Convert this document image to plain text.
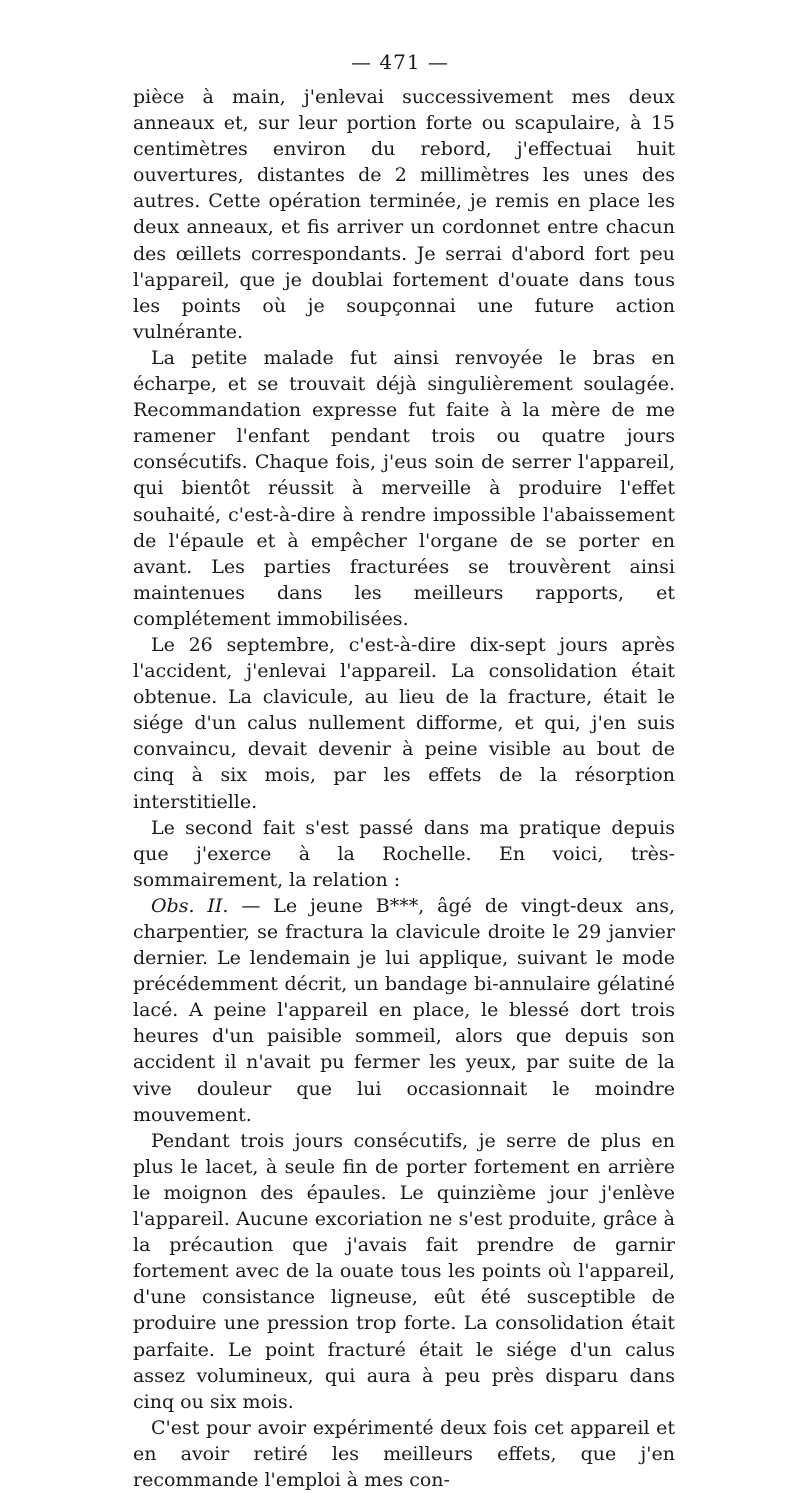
— 471 —

pièce à main, j'enlevai successivement mes deux anneaux et, sur leur portion forte ou scapulaire, à 15 centimètres environ du rebord, j'effectuai huit ouvertures, distantes de 2 millimètres les unes des autres. Cette opération terminée, je remis en place les deux anneaux, et fis arriver un cordonnet entre chacun des œillets correspondants. Je serrai d'abord fort peu l'appareil, que je doublai fortement d'ouate dans tous les points où je soupçonnai une future action vulnérante.

La petite malade fut ainsi renvoyée le bras en écharpe, et se trouvait déjà singulièrement soulagée. Recommandation expresse fut faite à la mère de me ramener l'enfant pendant trois ou quatre jours consécutifs. Chaque fois, j'eus soin de serrer l'appareil, qui bientôt réussit à merveille à produire l'effet souhaité, c'est-à-dire à rendre impossible l'abaissement de l'épaule et à empêcher l'organe de se porter en avant. Les parties fracturées se trouvèrent ainsi maintenues dans les meilleurs rapports, et complétement immobilisées.

Le 26 septembre, c'est-à-dire dix-sept jours après l'accident, j'enlevai l'appareil. La consolidation était obtenue. La clavicule, au lieu de la fracture, était le siége d'un calus nullement difforme, et qui, j'en suis convaincu, devait devenir à peine visible au bout de cinq à six mois, par les effets de la résorption interstitielle.

Le second fait s'est passé dans ma pratique depuis que j'exerce à la Rochelle. En voici, très-sommairement, la relation :

Obs. II. — Le jeune B***, âgé de vingt-deux ans, charpentier, se fractura la clavicule droite le 29 janvier dernier. Le lendemain je lui applique, suivant le mode précédemment décrit, un bandage bi-annulaire gélatiné lacé. A peine l'appareil en place, le blessé dort trois heures d'un paisible sommeil, alors que depuis son accident il n'avait pu fermer les yeux, par suite de la vive douleur que lui occasionnait le moindre mouvement.

Pendant trois jours consécutifs, je serre de plus en plus le lacet, à seule fin de porter fortement en arrière le moignon des épaules. Le quinzième jour j'enlève l'appareil. Aucune excoriation ne s'est produite, grâce à la précaution que j'avais fait prendre de garnir fortement avec de la ouate tous les points où l'appareil, d'une consistance ligneuse, eût été susceptible de produire une pression trop forte. La consolidation était parfaite. Le point fracturé était le siége d'un calus assez volumineux, qui aura à peu près disparu dans cinq ou six mois.

C'est pour avoir expérimenté deux fois cet appareil et en avoir retiré les meilleurs effets, que j'en recommande l'emploi à mes con-
